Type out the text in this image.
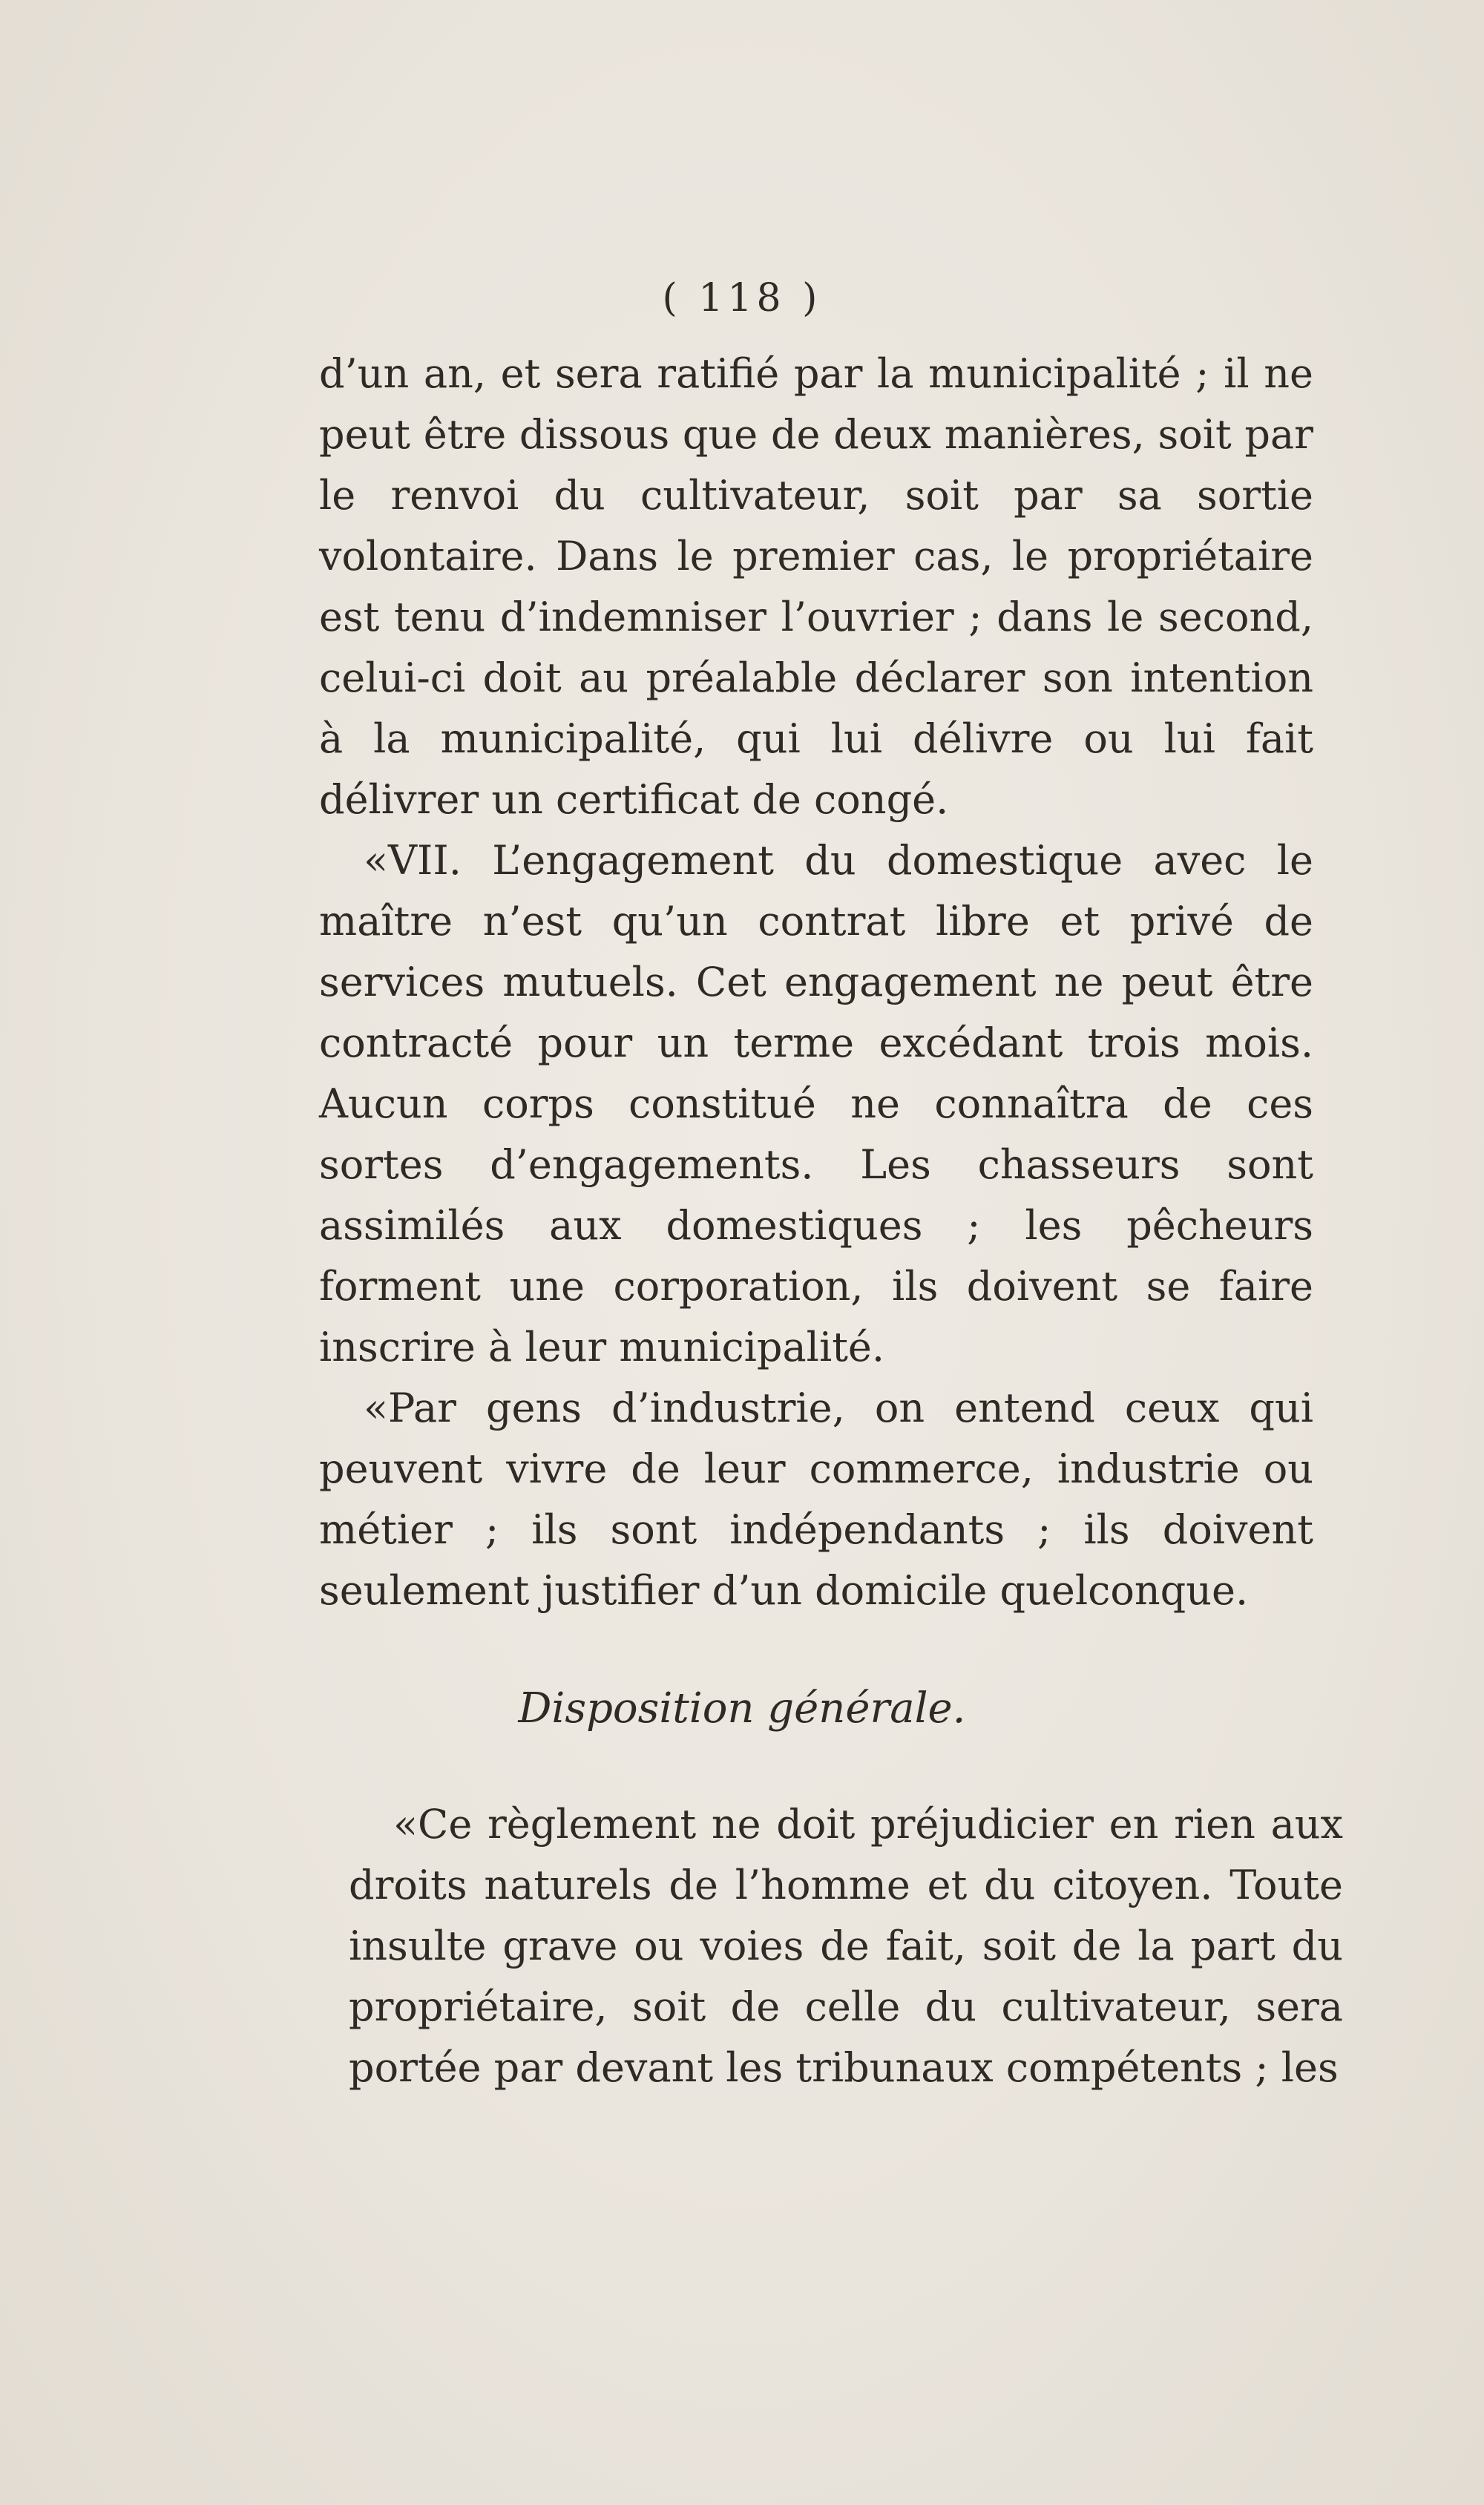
( 118 )

d’un an, et sera ratifié par la municipalité ; il ne peut être dissous que de deux manières, soit par le renvoi du cultivateur, soit par sa sortie volontaire. Dans le premier cas, le propriétaire est tenu d’indemniser l’ouvrier ; dans le second, celui-ci doit au préalable déclarer son intention à la municipalité, qui lui délivre ou lui fait délivrer un certificat de congé.

«VII. L’engagement du domestique avec le maître n’est qu’un contrat libre et privé de services mutuels. Cet engagement ne peut être contracté pour un terme excédant trois mois. Aucun corps constitué ne connaîtra de ces sortes d’engagements. Les chasseurs sont assimilés aux domestiques ; les pêcheurs forment une corporation, ils doivent se faire inscrire à leur municipalité.

«Par gens d’industrie, on entend ceux qui peuvent vivre de leur commerce, industrie ou métier ; ils sont indépendants ; ils doivent seulement justifier d’un domicile quelconque.

Disposition générale.

«Ce règlement ne doit préjudicier en rien aux droits naturels de l’homme et du citoyen. Toute insulte grave ou voies de fait, soit de la part du propriétaire, soit de celle du cultivateur, sera portée par devant les tribunaux compétents ; les
